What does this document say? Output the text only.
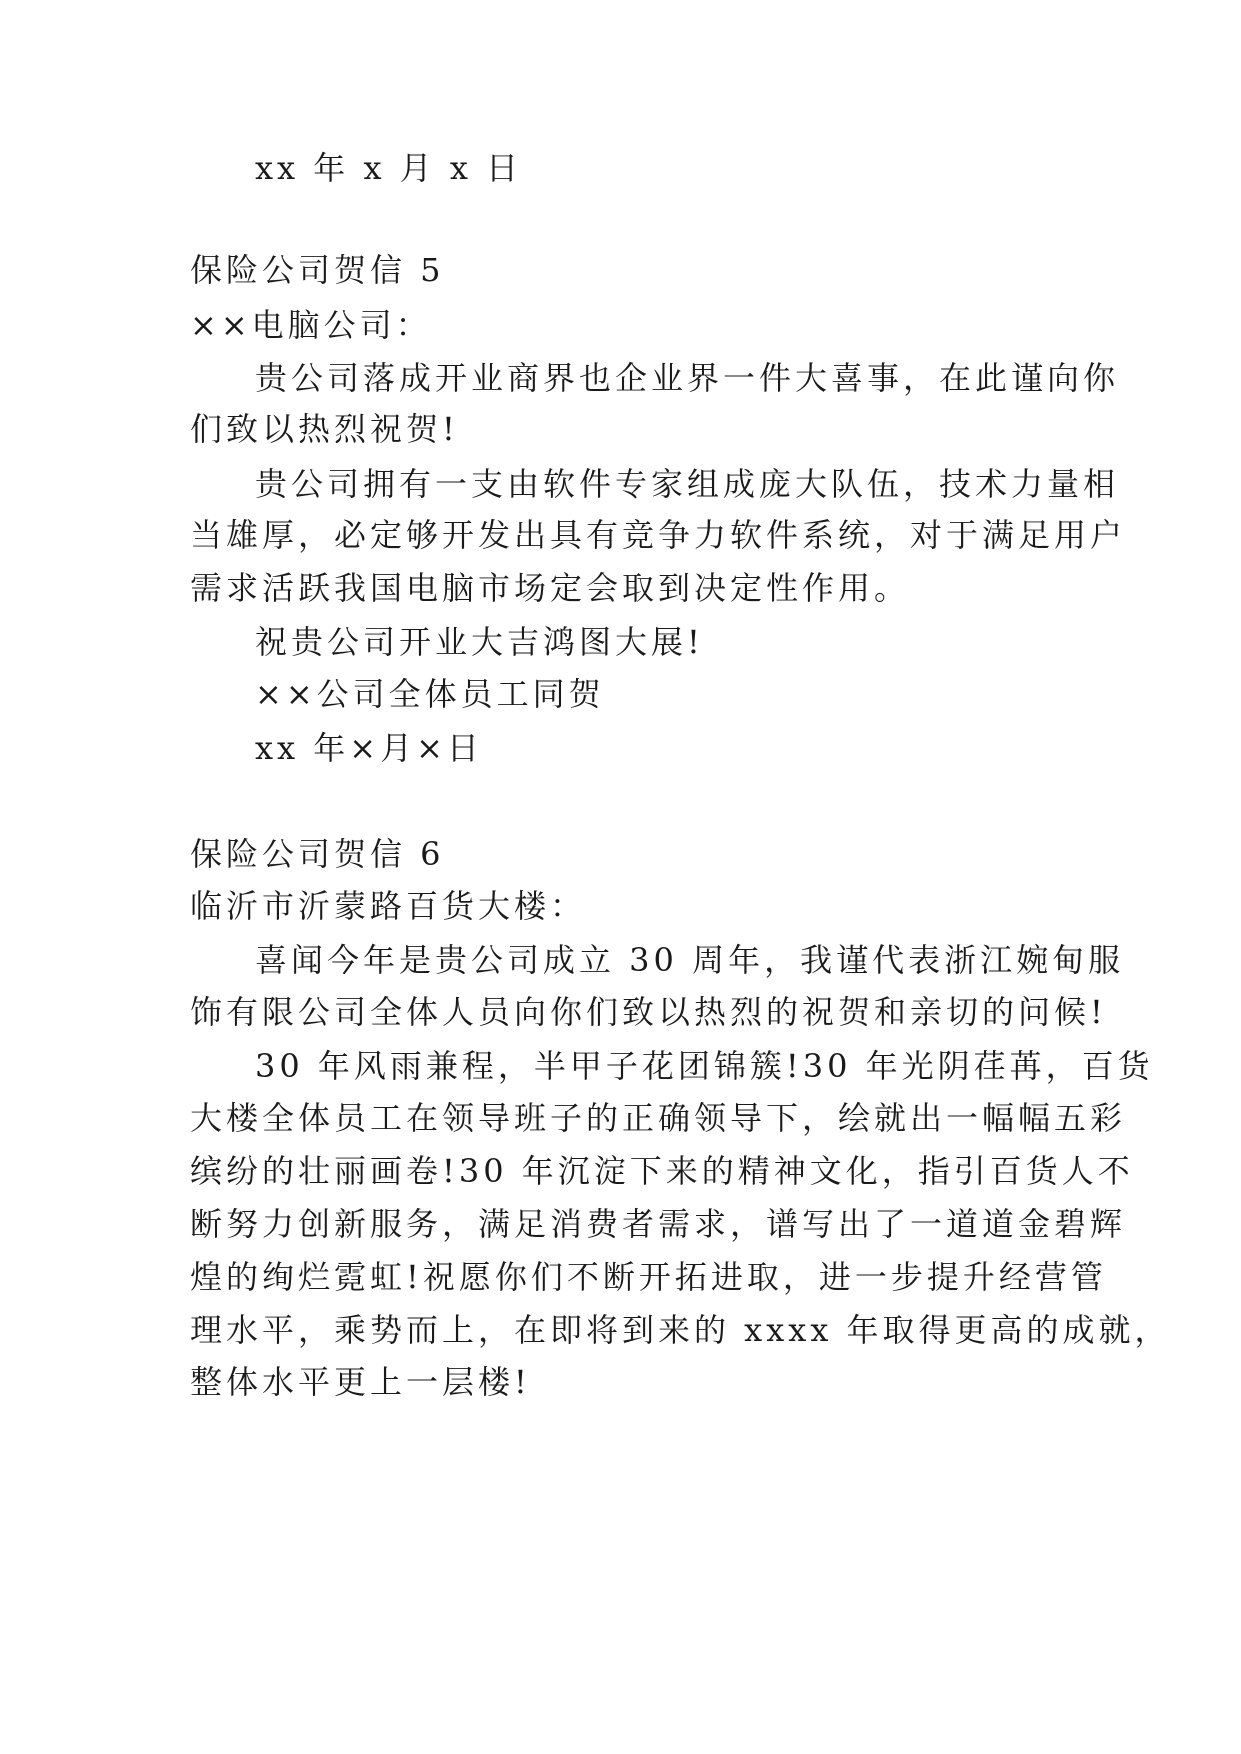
xx 年 x 月 x 日
保险公司贺信 5
××电脑公司：
贵公司落成开业商界也企业界一件大喜事，在此谨向你
们致以热烈祝贺!
贵公司拥有一支由软件专家组成庞大队伍，技术力量相
当雄厚，必定够开发出具有竞争力软件系统，对于满足用户
需求活跃我国电脑市场定会取到决定性作用。
祝贵公司开业大吉鸿图大展!
××公司全体员工同贺
xx 年×月×日
保险公司贺信 6
临沂市沂蒙路百货大楼：
喜闻今年是贵公司成立 30 周年，我谨代表浙江婉甸服
饰有限公司全体人员向你们致以热烈的祝贺和亲切的问候!
30 年风雨兼程，半甲子花团锦簇!30 年光阴荏苒，百货
大楼全体员工在领导班子的正确领导下，绘就出一幅幅五彩
缤纷的壮丽画卷!30 年沉淀下来的精神文化，指引百货人不
断努力创新服务，满足消费者需求，谱写出了一道道金碧辉
煌的绚烂霓虹!祝愿你们不断开拓进取，进一步提升经营管
理水平，乘势而上，在即将到来的 xxxx 年取得更高的成就，
整体水平更上一层楼!
